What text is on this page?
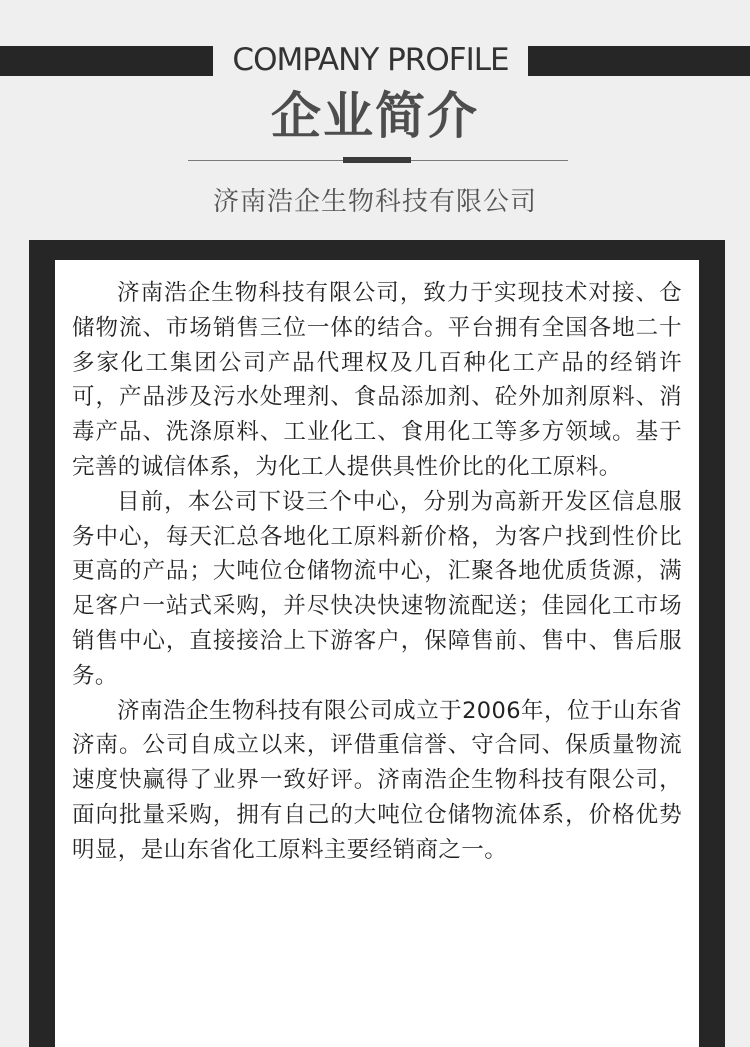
COMPANY PROFILE
企业简介
济南浩企生物科技有限公司

济南浩企生物科技有限公司，致力于实现技术对接、仓储物流、市场销售三位一体的结合。平台拥有全国各地二十多家化工集团公司产品代理权及几百种化工产品的经销许可，产品涉及污水处理剂、食品添加剂、砼外加剂原料、消毒产品、洗涤原料、工业化工、食用化工等多方领域。基于完善的诚信体系，为化工人提供具性价比的化工原料。

目前，本公司下设三个中心，分别为高新开发区信息服务中心，每天汇总各地化工原料新价格，为客户找到性价比更高的产品；大吨位仓储物流中心，汇聚各地优质货源，满足客户一站式采购，并尽快决快速物流配送；佳园化工市场销售中心，直接接洽上下游客户，保障售前、售中、售后服务。

济南浩企生物科技有限公司成立于2006年，位于山东省济南。公司自成立以来，评借重信誉、守合同、保质量物流速度快赢得了业界一致好评。济南浩企生物科技有限公司，面向批量采购，拥有自己的大吨位仓储物流体系，价格优势明显，是山东省化工原料主要经销商之一。
